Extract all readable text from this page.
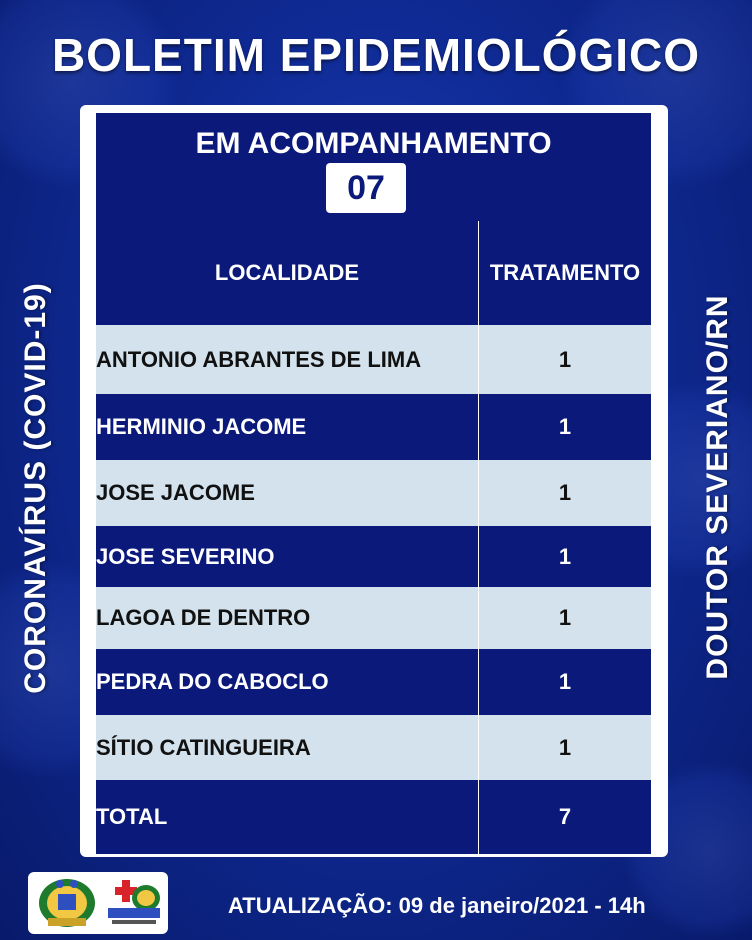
BOLETIM EPIDEMIOLÓGICO
CORONAVÍRUS (COVID-19)	DOUTOR SEVERIANO/RN
EM ACOMPANHAMENTO
07
LOCALIDADE	TRATAMENTO
ANTONIO ABRANTES DE LIMA	1
HERMINIO JACOME	1
JOSE JACOME	1
JOSE SEVERINO	1
LAGOA DE DENTRO	1
PEDRA DO CABOCLO	1
SÍTIO CATINGUEIRA	1
TOTAL	7
ATUALIZAÇÃO: 09 de janeiro/2021 - 14h
